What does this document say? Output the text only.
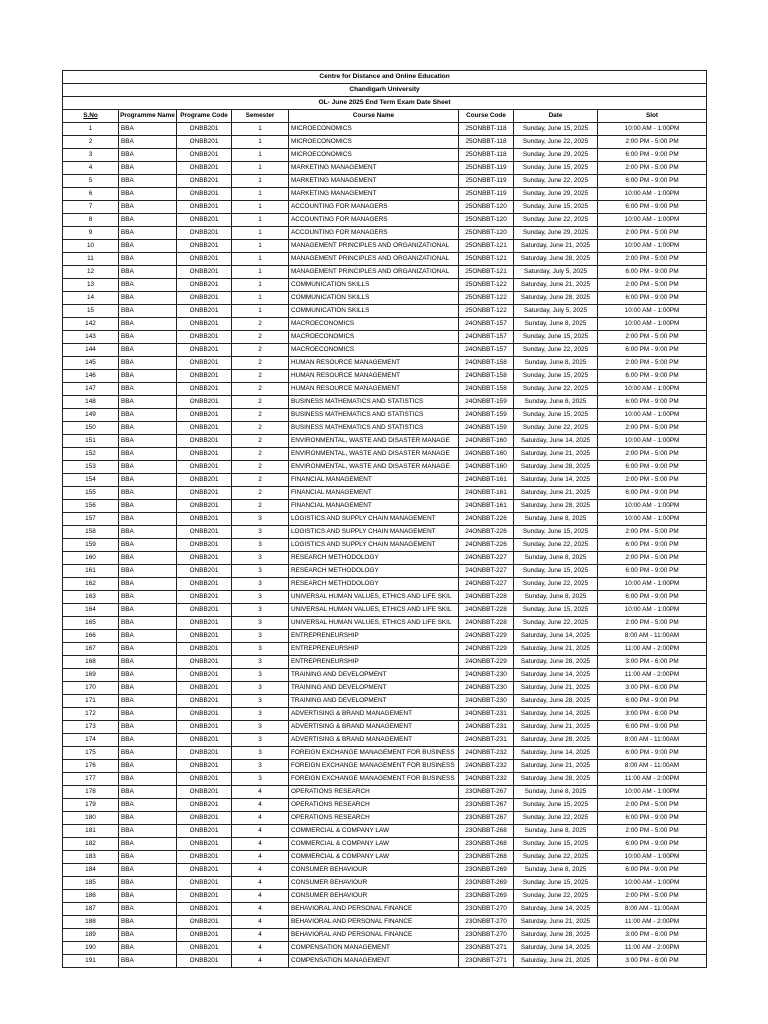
Centre for Distance and Online Education							
Chandigarh University							
OL- June 2025 End Term Exam Date Sheet							
S.No	Programme Name	Programe Code	Semester	Course Name	Course Code	Date	Slot
1	BBA	ONBB201	1	MICROECONOMICS	25ONBBT-118	Sunday, June 15, 2025	10:00 AM - 1:00PM
2	BBA	ONBB201	1	MICROECONOMICS	25ONBBT-118	Sunday, June 22, 2025	2:00 PM - 5:00 PM
3	BBA	ONBB201	1	MICROECONOMICS	25ONBBT-118	Sunday, June 29, 2025	6:00 PM - 9:00 PM
4	BBA	ONBB201	1	MARKETING MANAGEMENT	25ONBBT-119	Sunday, June 15, 2025	2:00 PM - 5:00 PM
5	BBA	ONBB201	1	MARKETING MANAGEMENT	25ONBBT-119	Sunday, June 22, 2025	6:00 PM - 9:00 PM
6	BBA	ONBB201	1	MARKETING MANAGEMENT	25ONBBT-119	Sunday, June 29, 2025	10:00 AM - 1:00PM
7	BBA	ONBB201	1	ACCOUNTING FOR MANAGERS	25ONBBT-120	Sunday, June 15, 2025	6:00 PM - 9:00 PM
8	BBA	ONBB201	1	ACCOUNTING FOR MANAGERS	25ONBBT-120	Sunday, June 22, 2025	10:00 AM - 1:00PM
9	BBA	ONBB201	1	ACCOUNTING FOR MANAGERS	25ONBBT-120	Sunday, June 29, 2025	2:00 PM - 5:00 PM
10	BBA	ONBB201	1	MANAGEMENT PRINCIPLES AND ORGANIZATIONAL	25ONBBT-121	Saturday, June 21, 2025	10:00 AM - 1:00PM
11	BBA	ONBB201	1	MANAGEMENT PRINCIPLES AND ORGANIZATIONAL	25ONBBT-121	Saturday, June 28, 2025	2:00 PM - 5:00 PM
12	BBA	ONBB201	1	MANAGEMENT PRINCIPLES AND ORGANIZATIONAL	25ONBBT-121	Saturday, July 5, 2025	6:00 PM - 9:00 PM
13	BBA	ONBB201	1	COMMUNICATION SKILLS	25ONBBT-122	Saturday, June 21, 2025	2:00 PM - 5:00 PM
14	BBA	ONBB201	1	COMMUNICATION SKILLS	25ONBBT-122	Saturday, June 28, 2025	6:00 PM - 9:00 PM
15	BBA	ONBB201	1	COMMUNICATION SKILLS	25ONBBT-122	Saturday, July 5, 2025	10:00 AM - 1:00PM
142	BBA	ONBB201	2	MACROECONOMICS	24ONBBT-157	Sunday, June 8, 2025	10:00 AM - 1:00PM
143	BBA	ONBB201	2	MACROECONOMICS	24ONBBT-157	Sunday, June 15, 2025	2:00 PM - 5:00 PM
144	BBA	ONBB201	2	MACROECONOMICS	24ONBBT-157	Sunday, June 22, 2025	6:00 PM - 9:00 PM
145	BBA	ONBB201	2	HUMAN RESOURCE MANAGEMENT	24ONBBT-158	Sunday, June 8, 2025	2:00 PM - 5:00 PM
146	BBA	ONBB201	2	HUMAN RESOURCE MANAGEMENT	24ONBBT-158	Sunday, June 15, 2025	6:00 PM - 9:00 PM
147	BBA	ONBB201	2	HUMAN RESOURCE MANAGEMENT	24ONBBT-158	Sunday, June 22, 2025	10:00 AM - 1:00PM
148	BBA	ONBB201	2	BUSINESS MATHEMATICS AND STATISTICS	24ONBBT-159	Sunday, June 8, 2025	6:00 PM - 9:00 PM
149	BBA	ONBB201	2	BUSINESS MATHEMATICS AND STATISTICS	24ONBBT-159	Sunday, June 15, 2025	10:00 AM - 1:00PM
150	BBA	ONBB201	2	BUSINESS MATHEMATICS AND STATISTICS	24ONBBT-159	Sunday, June 22, 2025	2:00 PM - 5:00 PM
151	BBA	ONBB201	2	ENVIRONMENTAL, WASTE AND DISASTER MANAGE	24ONBBT-160	Saturday, June 14, 2025	10:00 AM - 1:00PM
152	BBA	ONBB201	2	ENVIRONMENTAL, WASTE AND DISASTER MANAGE	24ONBBT-160	Saturday, June 21, 2025	2:00 PM - 5:00 PM
153	BBA	ONBB201	2	ENVIRONMENTAL, WASTE AND DISASTER MANAGE	24ONBBT-160	Saturday, June 28, 2025	6:00 PM - 9:00 PM
154	BBA	ONBB201	2	FINANCIAL MANAGEMENT	24ONBBT-161	Saturday, June 14, 2025	2:00 PM - 5:00 PM
155	BBA	ONBB201	2	FINANCIAL MANAGEMENT	24ONBBT-161	Saturday, June 21, 2025	6:00 PM - 9:00 PM
156	BBA	ONBB201	2	FINANCIAL MANAGEMENT	24ONBBT-161	Saturday, June 28, 2025	10:00 AM - 1:00PM
157	BBA	ONBB201	3	LOGISTICS AND SUPPLY CHAIN MANAGEMENT	24ONBBT-226	Sunday, June 8, 2025	10:00 AM - 1:00PM
158	BBA	ONBB201	3	LOGISTICS AND SUPPLY CHAIN MANAGEMENT	24ONBBT-226	Sunday, June 15, 2025	2:00 PM - 5:00 PM
159	BBA	ONBB201	3	LOGISTICS AND SUPPLY CHAIN MANAGEMENT	24ONBBT-226	Sunday, June 22, 2025	6:00 PM - 9:00 PM
160	BBA	ONBB201	3	RESEARCH METHODOLOGY	24ONBBT-227	Sunday, June 8, 2025	2:00 PM - 5:00 PM
161	BBA	ONBB201	3	RESEARCH METHODOLOGY	24ONBBT-227	Sunday, June 15, 2025	6:00 PM - 9:00 PM
162	BBA	ONBB201	3	RESEARCH METHODOLOGY	24ONBBT-227	Sunday, June 22, 2025	10:00 AM - 1:00PM
163	BBA	ONBB201	3	UNIVERSAL HUMAN VALUES, ETHICS AND LIFE SKIL	24ONBBT-228	Sunday, June 8, 2025	6:00 PM - 9:00 PM
164	BBA	ONBB201	3	UNIVERSAL HUMAN VALUES, ETHICS AND LIFE SKIL	24ONBBT-228	Sunday, June 15, 2025	10:00 AM - 1:00PM
165	BBA	ONBB201	3	UNIVERSAL HUMAN VALUES, ETHICS AND LIFE SKIL	24ONBBT-228	Sunday, June 22, 2025	2:00 PM - 5:00 PM
166	BBA	ONBB201	3	ENTREPRENEURSHIP	24ONBBT-229	Saturday, June 14, 2025	8:00 AM - 11:00AM
167	BBA	ONBB201	3	ENTREPRENEURSHIP	24ONBBT-229	Saturday, June 21, 2025	11:00 AM - 2:00PM
168	BBA	ONBB201	3	ENTREPRENEURSHIP	24ONBBT-229	Saturday, June 28, 2025	3:00 PM - 6:00 PM
169	BBA	ONBB201	3	TRAINING AND DEVELOPMENT	24ONBBT-230	Saturday, June 14, 2025	11:00 AM - 2:00PM
170	BBA	ONBB201	3	TRAINING AND DEVELOPMENT	24ONBBT-230	Saturday, June 21, 2025	3:00 PM - 6:00 PM
171	BBA	ONBB201	3	TRAINING AND DEVELOPMENT	24ONBBT-230	Saturday, June 28, 2025	6:00 PM - 9:00 PM
172	BBA	ONBB201	3	ADVERTISING & BRAND MANAGEMENT	24ONBBT-231	Saturday, June 14, 2025	3:00 PM - 6:00 PM
173	BBA	ONBB201	3	ADVERTISING & BRAND MANAGEMENT	24ONBBT-231	Saturday, June 21, 2025	6:00 PM - 9:00 PM
174	BBA	ONBB201	3	ADVERTISING & BRAND MANAGEMENT	24ONBBT-231	Saturday, June 28, 2025	8:00 AM - 11:00AM
175	BBA	ONBB201	3	FOREIGN EXCHANGE MANAGEMENT FOR BUSINESS	24ONBBT-232	Saturday, June 14, 2025	6:00 PM - 9:00 PM
176	BBA	ONBB201	3	FOREIGN EXCHANGE MANAGEMENT FOR BUSINESS	24ONBBT-232	Saturday, June 21, 2025	8:00 AM - 11:00AM
177	BBA	ONBB201	3	FOREIGN EXCHANGE MANAGEMENT FOR BUSINESS	24ONBBT-232	Saturday, June 28, 2025	11:00 AM - 2:00PM
178	BBA	ONBB201	4	OPERATIONS RESEARCH	23ONBBT-267	Sunday, June 8, 2025	10:00 AM - 1:00PM
179	BBA	ONBB201	4	OPERATIONS RESEARCH	23ONBBT-267	Sunday, June 15, 2025	2:00 PM - 5:00 PM
180	BBA	ONBB201	4	OPERATIONS RESEARCH	23ONBBT-267	Sunday, June 22, 2025	6:00 PM - 9:00 PM
181	BBA	ONBB201	4	COMMERCIAL & COMPANY LAW	23ONBBT-268	Sunday, June 8, 2025	2:00 PM - 5:00 PM
182	BBA	ONBB201	4	COMMERCIAL & COMPANY LAW	23ONBBT-268	Sunday, June 15, 2025	6:00 PM - 9:00 PM
183	BBA	ONBB201	4	COMMERCIAL & COMPANY LAW	23ONBBT-268	Sunday, June 22, 2025	10:00 AM - 1:00PM
184	BBA	ONBB201	4	CONSUMER BEHAVIOUR	23ONBBT-269	Sunday, June 8, 2025	6:00 PM - 9:00 PM
185	BBA	ONBB201	4	CONSUMER BEHAVIOUR	23ONBBT-269	Sunday, June 15, 2025	10:00 AM - 1:00PM
186	BBA	ONBB201	4	CONSUMER BEHAVIOUR	23ONBBT-269	Sunday, June 22, 2025	2:00 PM - 5:00 PM
187	BBA	ONBB201	4	BEHAVIORAL AND PERSONAL FINANCE	23ONBBT-270	Saturday, June 14, 2025	8:00 AM - 11:00AM
188	BBA	ONBB201	4	BEHAVIORAL AND PERSONAL FINANCE	23ONBBT-270	Saturday, June 21, 2025	11:00 AM - 2:00PM
189	BBA	ONBB201	4	BEHAVIORAL AND PERSONAL FINANCE	23ONBBT-270	Saturday, June 28, 2025	3:00 PM - 6:00 PM
190	BBA	ONBB201	4	COMPENSATION MANAGEMENT	23ONBBT-271	Saturday, June 14, 2025	11:00 AM - 2:00PM
191	BBA	ONBB201	4	COMPENSATION MANAGEMENT	23ONBBT-271	Saturday, June 21, 2025	3:00 PM - 6:00 PM
